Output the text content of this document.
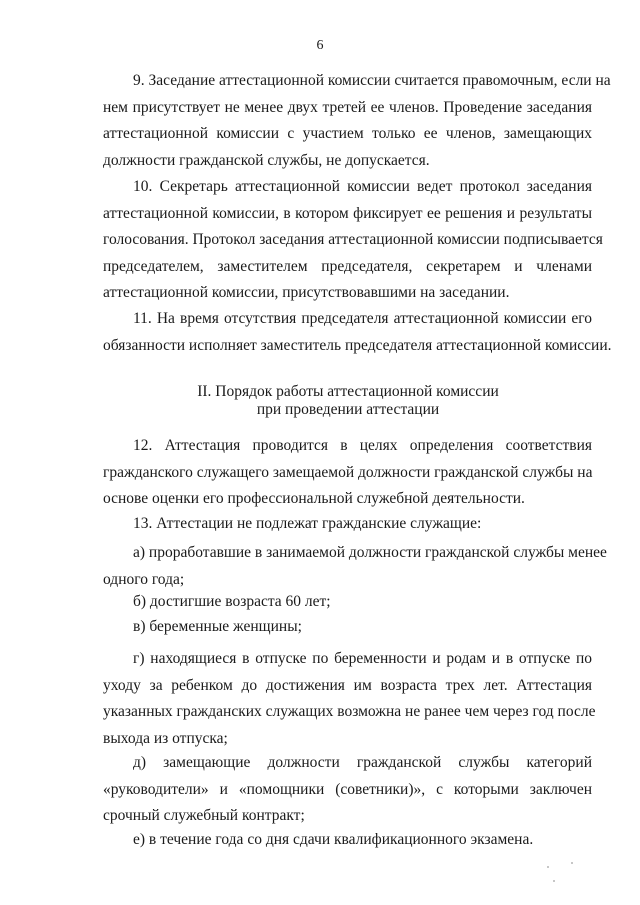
6
9. Заседание аттестационной комиссии считается правомочным, если на
нем присутствует не менее двух третей ее членов. Проведение заседания
аттестационной комиссии с участием только ее членов, замещающих
должности гражданской службы, не допускается.
10. Секретарь аттестационной комиссии ведет протокол заседания
аттестационной комиссии, в котором фиксирует ее решения и результаты
голосования. Протокол заседания аттестационной комиссии подписывается
председателем, заместителем председателя, секретарем и членами
аттестационной комиссии, присутствовавшими на заседании.
11. На время отсутствия председателя аттестационной комиссии его
обязанности исполняет заместитель председателя аттестационной комиссии.
II. Порядок работы аттестационной комиссии
при проведении аттестации
12. Аттестация проводится в целях определения соответствия
гражданского служащего замещаемой должности гражданской службы на
основе оценки его профессиональной служебной деятельности.
13. Аттестации не подлежат гражданские служащие:
а) проработавшие в занимаемой должности гражданской службы менее
одного года;
б) достигшие возраста 60 лет;
в) беременные женщины;
г) находящиеся в отпуске по беременности и родам и в отпуске по
уходу за ребенком до достижения им возраста трех лет. Аттестация
указанных гражданских служащих возможна не ранее чем через год после
выхода из отпуска;
д) замещающие должности гражданской службы категорий
«руководители» и «помощники (советники)», с которыми заключен
срочный служебный контракт;
е) в течение года со дня сдачи квалификационного экзамена.
